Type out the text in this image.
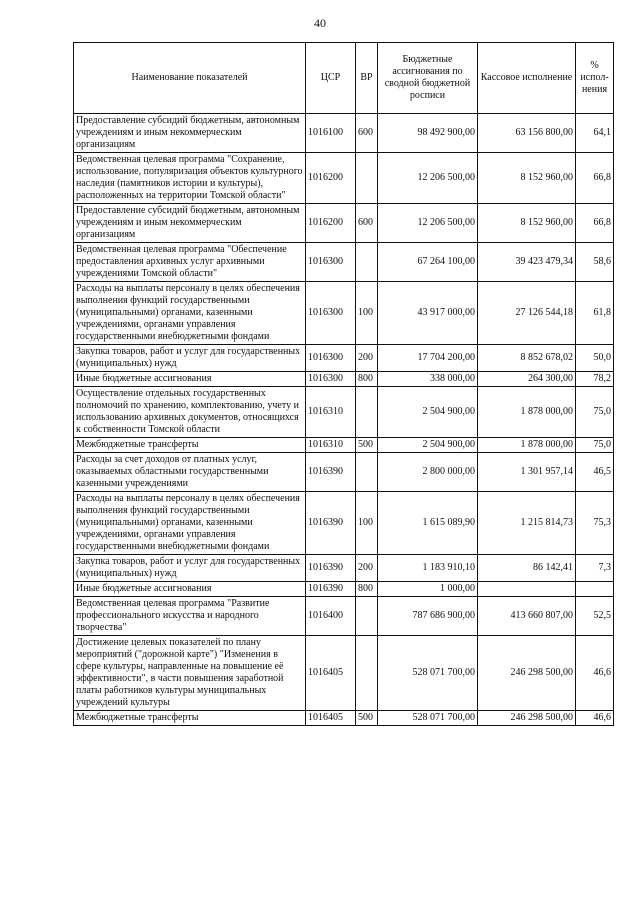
40
Наименование показателей	ЦСР	ВР	Бюджетные ассигнования по сводной бюджетной росписи	Кассовое исполнение	% испол-нения
Предоставление субсидий бюджетным, автономным учреждениям и иным некоммерческим организациям	1016100	600	98 492 900,00	63 156 800,00	64,1
Ведомственная целевая программа "Сохранение, использование, популяризация объектов культурного наследия (памятников истории и культуры), расположенных на территории Томской области"	1016200		12 206 500,00	8 152 960,00	66,8
Предоставление субсидий бюджетным, автономным учреждениям и иным некоммерческим организациям	1016200	600	12 206 500,00	8 152 960,00	66,8
Ведомственная целевая программа "Обеспечение предоставления архивных услуг архивными учреждениями Томской области"	1016300		67 264 100,00	39 423 479,34	58,6
Расходы на выплаты персоналу в целях обеспечения выполнения функций государственными (муниципальными) органами, казенными учреждениями, органами управления государственными внебюджетными фондами	1016300	100	43 917 000,00	27 126 544,18	61,8
Закупка товаров, работ и услуг для государственных (муниципальных) нужд	1016300	200	17 704 200,00	8 852 678,02	50,0
Иные бюджетные ассигнования	1016300	800	338 000,00	264 300,00	78,2
Осуществление отдельных государственных полномочий по хранению, комплектованию, учету и использованию архивных документов, относящихся к собственности Томской области	1016310		2 504 900,00	1 878 000,00	75,0
Межбюджетные трансферты	1016310	500	2 504 900,00	1 878 000,00	75,0
Расходы за счет доходов от платных услуг, оказываемых областными государственными казенными учреждениями	1016390		2 800 000,00	1 301 957,14	46,5
Расходы на выплаты персоналу в целях обеспечения выполнения функций государственными (муниципальными) органами, казенными учреждениями, органами управления государственными внебюджетными фондами	1016390	100	1 615 089,90	1 215 814,73	75,3
Закупка товаров, работ и услуг для государственных (муниципальных) нужд	1016390	200	1 183 910,10	86 142,41	7,3
Иные бюджетные ассигнования	1016390	800	1 000,00		
Ведомственная целевая программа "Развитие профессионального искусства и народного творчества"	1016400		787 686 900,00	413 660 807,00	52,5
Достижение целевых показателей по плану мероприятий ("дорожной карте") "Изменения в сфере культуры, направленные на повышение её эффективности", в части повышения заработной платы работников культуры муниципальных учреждений культуры	1016405		528 071 700,00	246 298 500,00	46,6
Межбюджетные трансферты	1016405	500	528 071 700,00	246 298 500,00	46,6
